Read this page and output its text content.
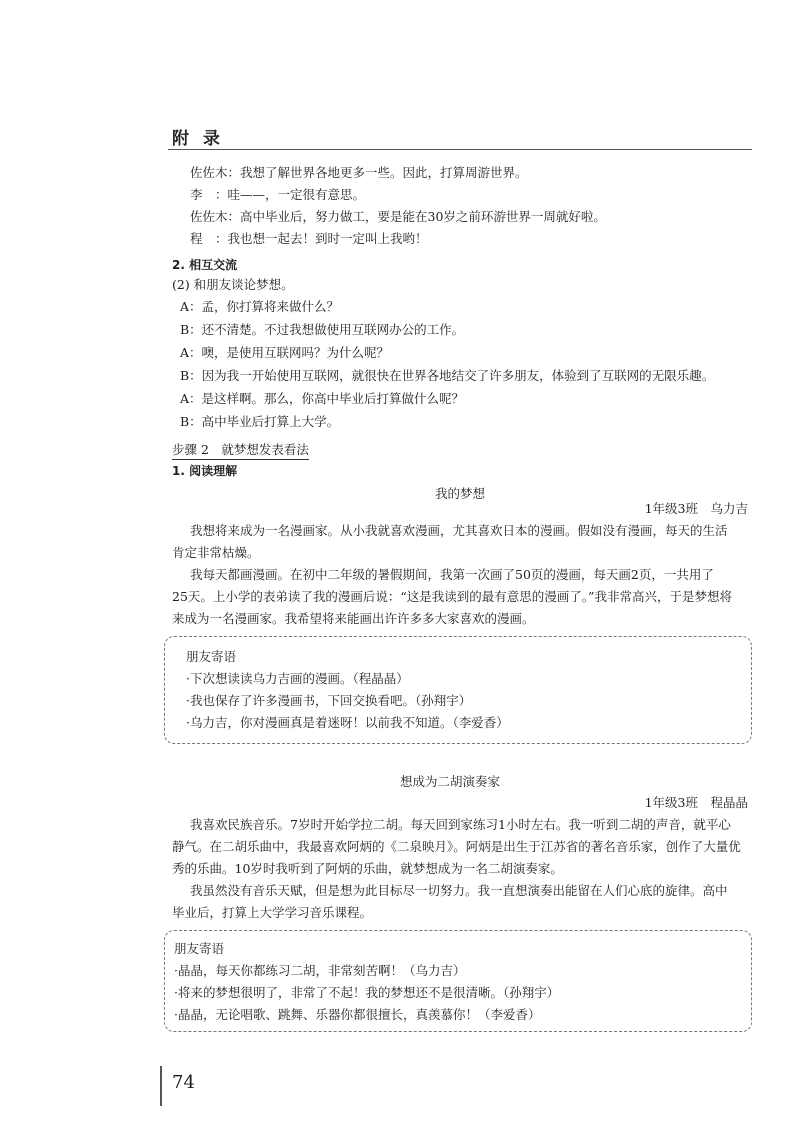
附 录
佐佐木：我想了解世界各地更多一些。因此，打算周游世界。
李　：哇——，一定很有意思。
佐佐木：高中毕业后，努力做工，要是能在30岁之前环游世界一周就好啦。
程　：我也想一起去！到时一定叫上我哟！
2. 相互交流
(2) 和朋友谈论梦想。
A：孟，你打算将来做什么？
B：还不清楚。不过我想做使用互联网办公的工作。
A：噢，是使用互联网吗？为什么呢？
B：因为我一开始使用互联网，就很快在世界各地结交了许多朋友，体验到了互联网的无限乐趣。
A：是这样啊。那么，你高中毕业后打算做什么呢？
B：高中毕业后打算上大学。
步骤 2　就梦想发表看法
1. 阅读理解
我的梦想
1年级3班　乌力吉
我想将来成为一名漫画家。从小我就喜欢漫画，尤其喜欢日本的漫画。假如没有漫画，每天的生活
肯定非常枯燥。
我每天都画漫画。在初中二年级的暑假期间，我第一次画了50页的漫画，每天画2页，一共用了
25天。上小学的表弟读了我的漫画后说：“这是我读到的最有意思的漫画了。”我非常高兴，于是梦想将
来成为一名漫画家。我希望将来能画出许许多多大家喜欢的漫画。
朋友寄语
·下次想读读乌力吉画的漫画。（程晶晶）
·我也保存了许多漫画书，下回交换看吧。（孙翔宇）
·乌力吉，你对漫画真是着迷呀！以前我不知道。（李爱香）
想成为二胡演奏家
1年级3班　程晶晶
我喜欢民族音乐。7岁时开始学拉二胡。每天回到家练习1小时左右。我一听到二胡的声音，就平心
静气。在二胡乐曲中，我最喜欢阿炳的《二泉映月》。阿炳是出生于江苏省的著名音乐家，创作了大量优
秀的乐曲。10岁时我听到了阿炳的乐曲，就梦想成为一名二胡演奏家。
我虽然没有音乐天赋，但是想为此目标尽一切努力。我一直想演奏出能留在人们心底的旋律。高中
毕业后，打算上大学学习音乐课程。
朋友寄语
·晶晶，每天你都练习二胡，非常刻苦啊！（乌力吉）
·将来的梦想很明了，非常了不起！我的梦想还不是很清晰。（孙翔宇）
·晶晶，无论唱歌、跳舞、乐器你都很擅长，真羡慕你！（李爱香）
74
